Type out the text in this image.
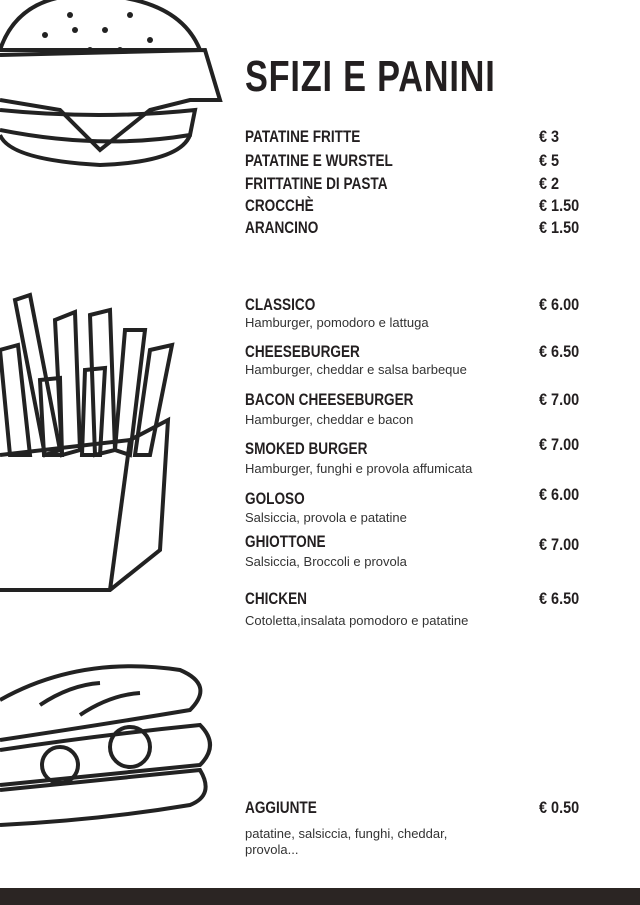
SFIZI E PANINI
PATATINE FRITTE	€ 3
PATATINE E WURSTEL	€ 5
FRITTATINE DI PASTA	€ 2
CROCCHÈ	€ 1.50
ARANCINO	€ 1.50
CLASSICO	€ 6.00
Hamburger, pomodoro e lattuga
CHEESEBURGER	€ 6.50
Hamburger, cheddar e salsa barbeque
BACON CHEESEBURGER	€ 7.00
Hamburger, cheddar e bacon
SMOKED BURGER	€ 7.00
Hamburger, funghi e provola affumicata
GOLOSO	€ 6.00
Salsiccia, provola e patatine
GHIOTTONE	€ 7.00
Salsiccia, Broccoli e provola
CHICKEN	€ 6.50
Cotoletta,insalata pomodoro e patatine
AGGIUNTE	€ 0.50
patatine, salsiccia, funghi, cheddar, provola...
